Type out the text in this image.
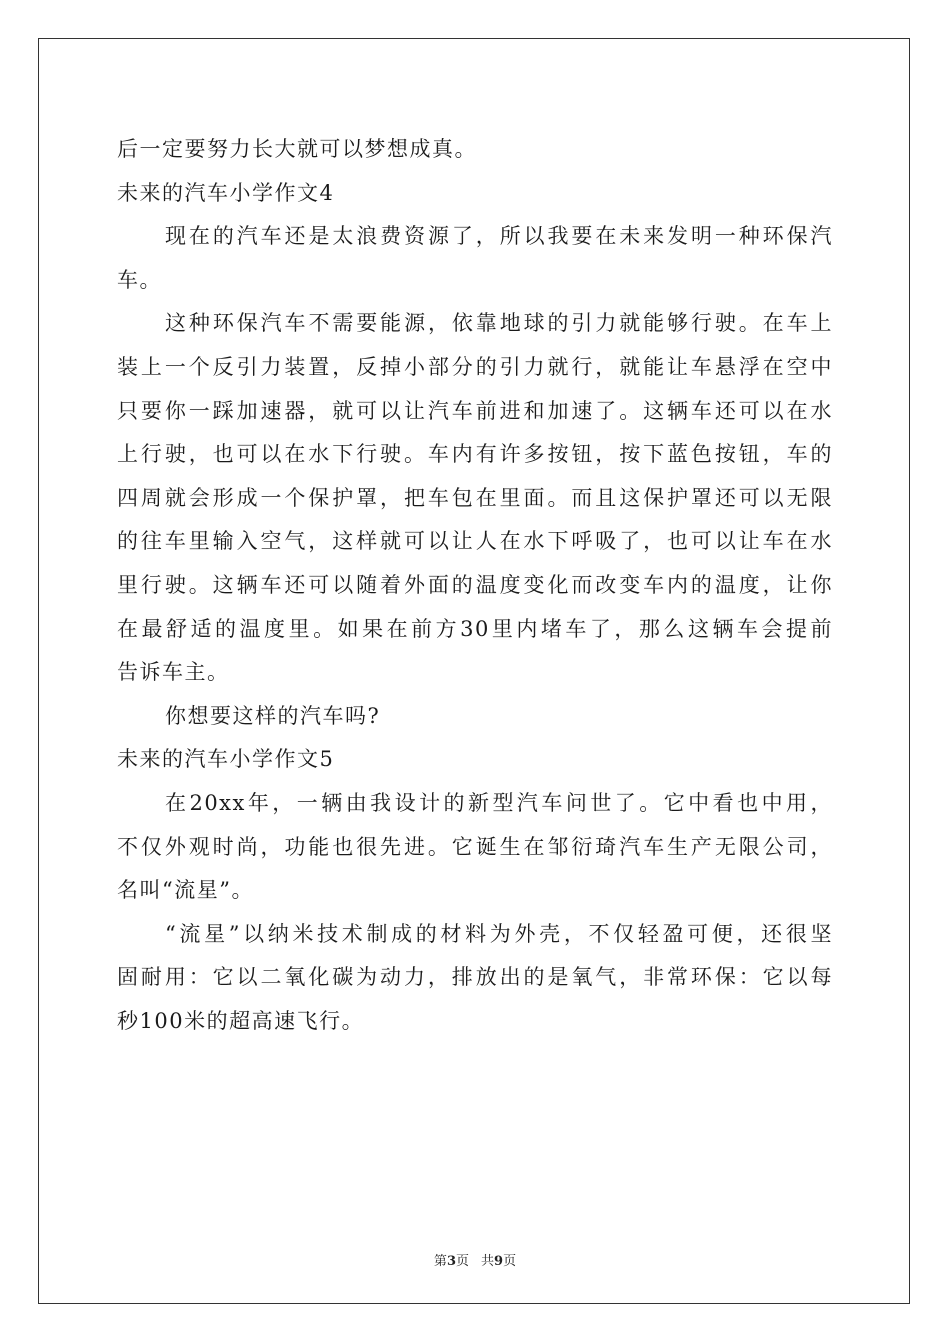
后一定要努力长大就可以梦想成真。
未来的汽车小学作文4
现在的汽车还是太浪费资源了，所以我要在未来发明一种环保汽
车。
这种环保汽车不需要能源，依靠地球的引力就能够行驶。在车上
装上一个反引力装置，反掉小部分的引力就行，就能让车悬浮在空中
只要你一踩加速器，就可以让汽车前进和加速了。这辆车还可以在水
上行驶，也可以在水下行驶。车内有许多按钮，按下蓝色按钮，车的
四周就会形成一个保护罩，把车包在里面。而且这保护罩还可以无限
的往车里输入空气，这样就可以让人在水下呼吸了，也可以让车在水
里行驶。这辆车还可以随着外面的温度变化而改变车内的温度，让你
在最舒适的温度里。如果在前方30里内堵车了，那么这辆车会提前
告诉车主。
你想要这样的汽车吗?
未来的汽车小学作文5
在20xx年，一辆由我设计的新型汽车问世了。它中看也中用，
不仅外观时尚，功能也很先进。它诞生在邹衍琦汽车生产无限公司，
名叫“流星”。
“流星”以纳米技术制成的材料为外壳，不仅轻盈可便，还很坚
固耐用：它以二氧化碳为动力，排放出的是氧气，非常环保：它以每
秒100米的超高速飞行。
第3页 共9页
